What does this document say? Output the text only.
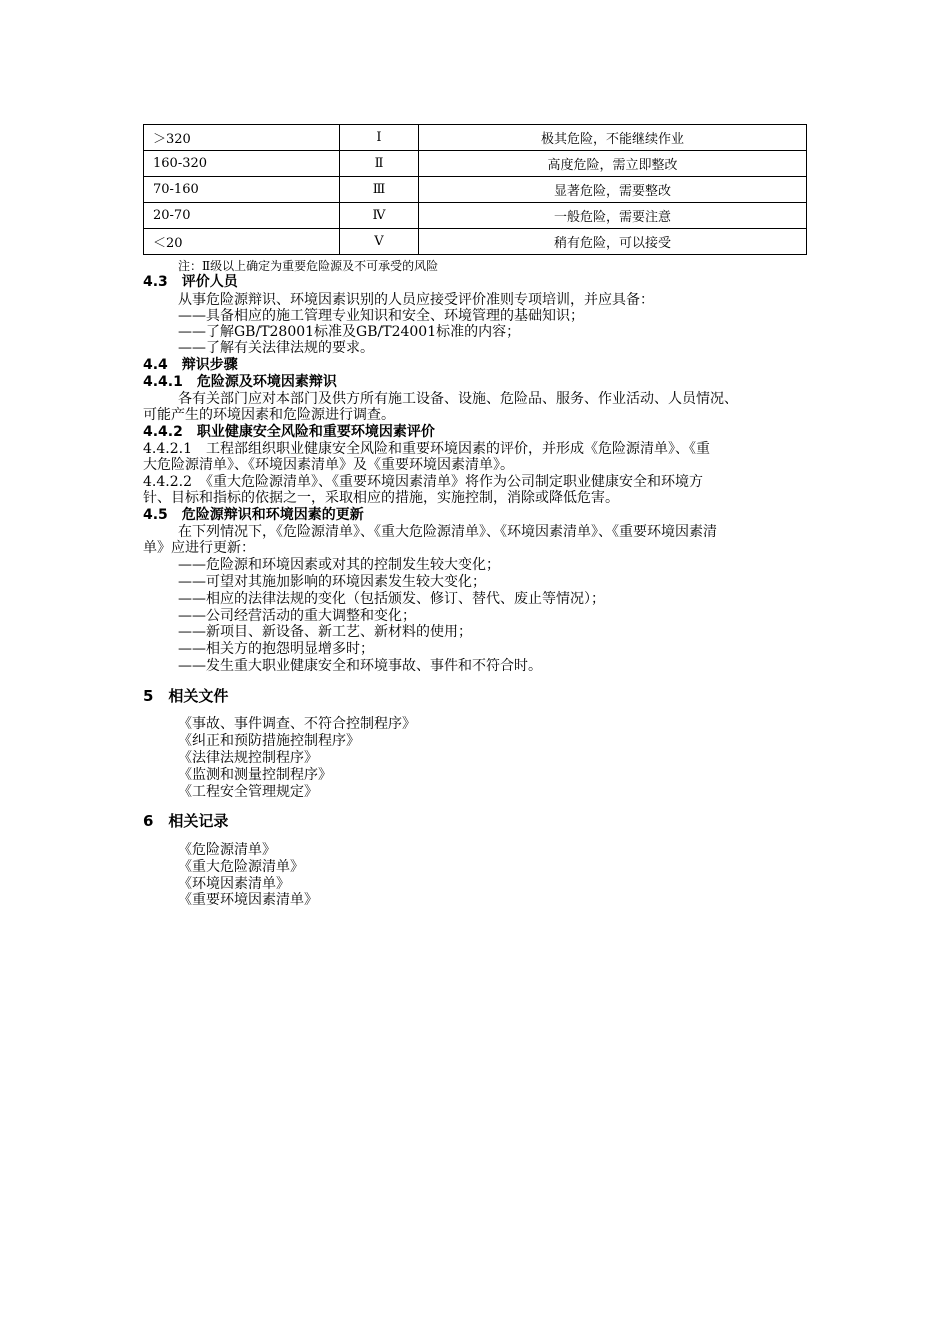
＞320	Ⅰ	极其危险，不能继续作业
160-320	Ⅱ	高度危险，需立即整改
70-160	Ⅲ	显著危险，需要整改
20-70	Ⅳ	一般危险，需要注意
＜20	Ⅴ	稍有危险，可以接受
注：Ⅱ级以上确定为重要危险源及不可承受的风险
4.3　评价人员
从事危险源辩识、环境因素识别的人员应接受评价准则专项培训，并应具备：
——具备相应的施工管理专业知识和安全、环境管理的基础知识；
——了解GB/T28001标准及GB/T24001标准的内容；
——了解有关法律法规的要求。
4.4　辩识步骤
4.4.1　危险源及环境因素辩识
各有关部门应对本部门及供方所有施工设备、设施、危险品、服务、作业活动、人员情况、
可能产生的环境因素和危险源进行调查。
4.4.2　职业健康安全风险和重要环境因素评价
4.4.2.1　工程部组织职业健康安全风险和重要环境因素的评价，并形成《危险源清单》、《重
大危险源清单》、《环境因素清单》及《重要环境因素清单》。
4.4.2.2　《重大危险源清单》、《重要环境因素清单》将作为公司制定职业健康安全和环境方
针、目标和指标的依据之一，采取相应的措施，实施控制，消除或降低危害。
4.5　危险源辩识和环境因素的更新
在下列情况下，《危险源清单》、《重大危险源清单》、《环境因素清单》、《重要环境因素清
单》应进行更新：
——危险源和环境因素或对其的控制发生较大变化；
——可望对其施加影响的环境因素发生较大变化；
——相应的法律法规的变化（包括颁发、修订、替代、废止等情况）；
——公司经营活动的重大调整和变化；
——新项目、新设备、新工艺、新材料的使用；
——相关方的抱怨明显增多时；
——发生重大职业健康安全和环境事故、事件和不符合时。
5　相关文件
《事故、事件调查、不符合控制程序》
《纠正和预防措施控制程序》
《法律法规控制程序》
《监测和测量控制程序》
《工程安全管理规定》
6　相关记录
《危险源清单》
《重大危险源清单》
《环境因素清单》
《重要环境因素清单》
